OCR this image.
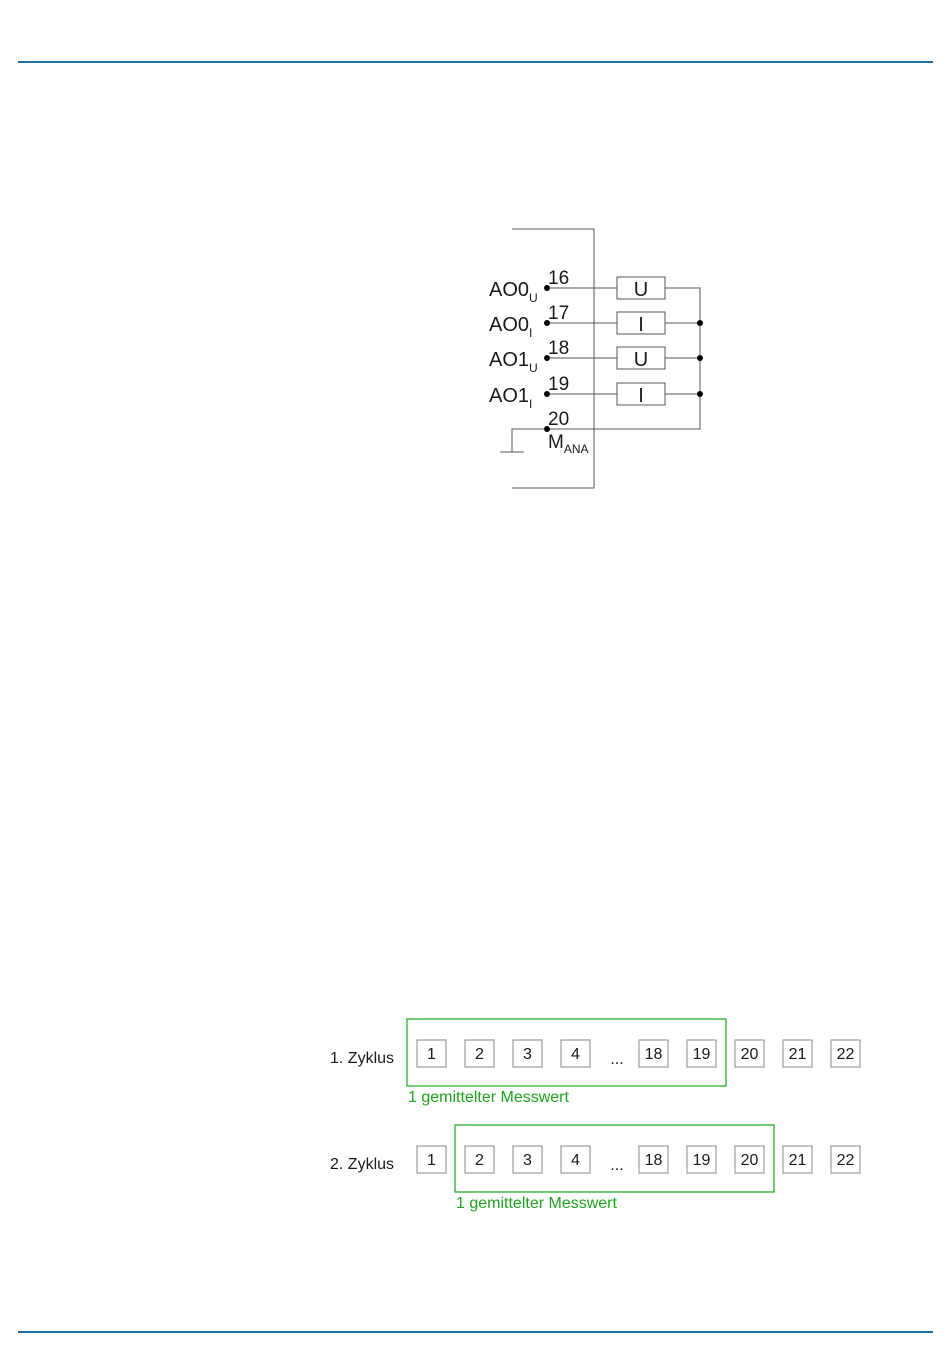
U
16
$AO0_U$
I
17
$AO0_I$
U
18
$AO1_U$
I
19
$AO1_I$
20
$M_{ANA}$
1. Zyklus 1 2 3 4 ... 18 19 20 21 22
1 gemittelter Messwert
2. Zyklus 1 2 3 4 ... 18 19 20 21 22
1 gemittelter Messwert
